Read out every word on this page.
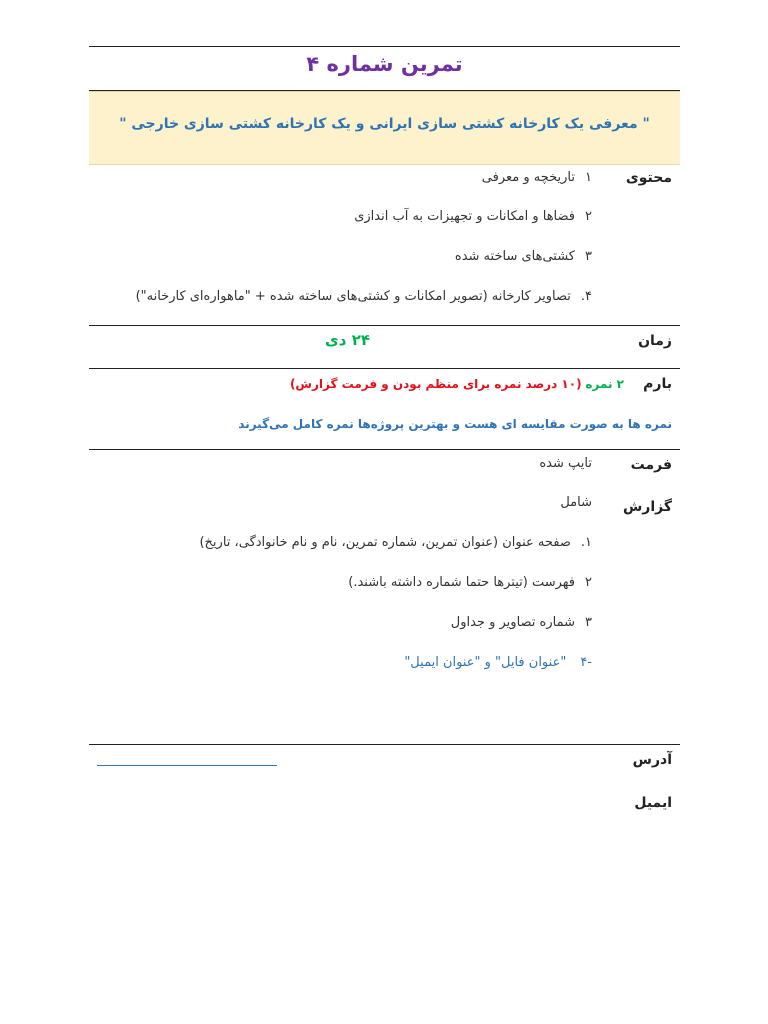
تمرین شماره ۴
" معرفی یک کارخانه کشتی سازی ایرانی و یک کارخانه کشتی سازی خارجی "
محتوی
۱تاریخچه و معرفی
۲فضاها و امکانات و تجهیزات به آب اندازی
۳کشتی‌های ساخته شده
۴.تصاویر کارخانه (تصویر امکانات و کشتی‌های ساخته شده + "ماهواره‌ای کارخانه")
زمان
۲۴ دی
بارم
۲ نمره (۱۰ درصد نمره برای منظم بودن و فرمت گزارش)
نمره ها به صورت مقایسه ای هست و بهترین پروژه‌ها نمره کامل می‌گیرند
فرمت
تایپ شده
گزارش
شامل
۱.صفحه عنوان (عنوان تمرین، شماره تمرین، نام و نام خانوادگی، تاریخ)
۲فهرست (تیترها حتما شماره داشته باشند.)
۳شماره تصاویر و جداول
-۴"عنوان فایل" و "عنوان ایمیل"
آدرس
ایمیل
